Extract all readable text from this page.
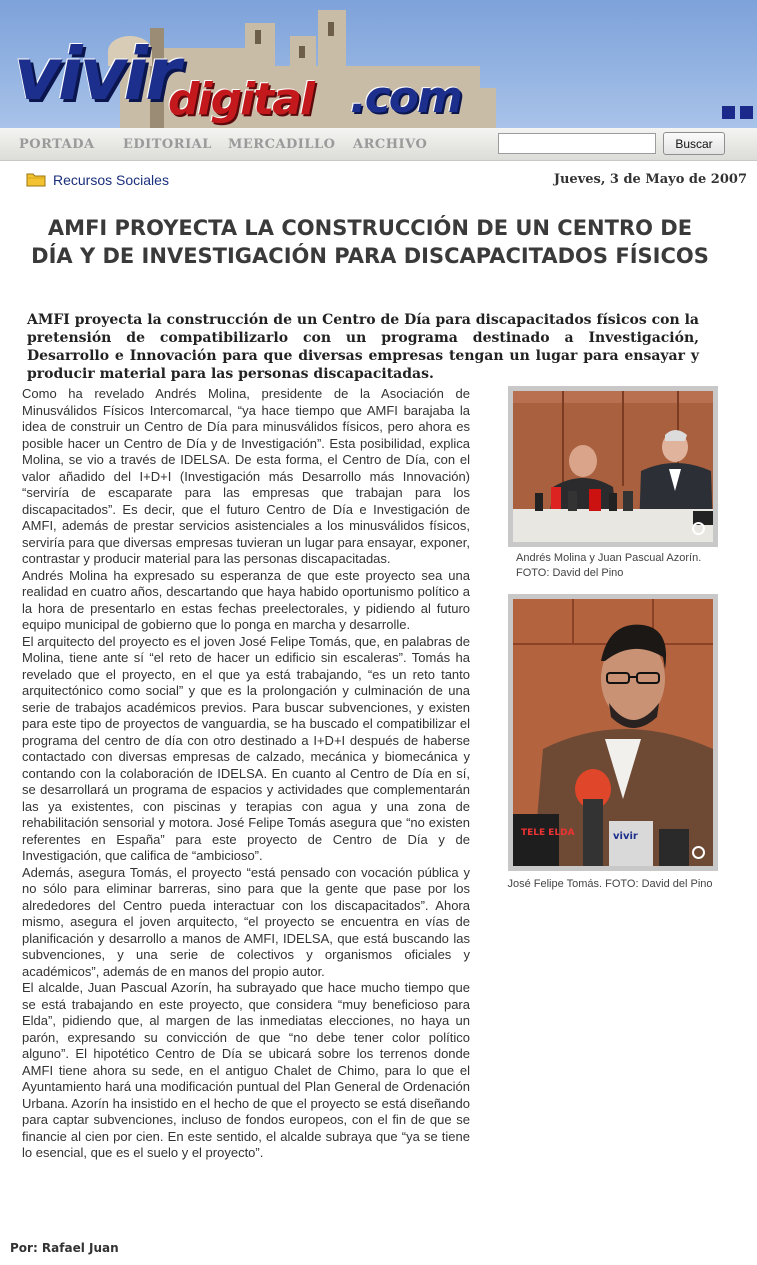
vivir
digital .com
PORTADA EDITORIAL MERCADILLO ARCHIVO	Buscar
Recursos Sociales	Jueves, 3 de Mayo de 2007
AMFI PROYECTA LA CONSTRUCCIÓN DE UN CENTRO DE DÍA Y DE INVESTIGACIÓN PARA DISCAPACITADOS FÍSICOS

AMFI proyecta la construcción de un Centro de Día para discapacitados físicos con la pretensión de compatibilizarlo con un programa destinado a Investigación, Desarrollo e Innovación para que diversas empresas tengan un lugar para ensayar y producir material para las personas discapacitadas.

Como ha revelado Andrés Molina, presidente de la Asociación de Minusválidos Físicos Intercomarcal, “ya hace tiempo que AMFI barajaba la idea de construir un Centro de Día para minusválidos físicos, pero ahora es posible hacer un Centro de Día y de Investigación”. Esta posibilidad, explica Molina, se vio a través de IDELSA. De esta forma, el Centro de Día, con el valor añadido del I+D+I (Investigación más Desarrollo más Innovación) “serviría de escaparate para las empresas que trabajan para los discapacitados”. Es decir, que el futuro Centro de Día e Investigación de AMFI, además de prestar servicios asistenciales a los minusválidos físicos, serviría para que diversas empresas tuvieran un lugar para ensayar, exponer, contrastar y producir material para las personas discapacitadas.

Andrés Molina ha expresado su esperanza de que este proyecto sea una realidad en cuatro años, descartando que haya habido oportunismo político a la hora de presentarlo en estas fechas preelectorales, y pidiendo al futuro equipo municipal de gobierno que lo ponga en marcha y desarrolle.

El arquitecto del proyecto es el joven José Felipe Tomás, que, en palabras de Molina, tiene ante sí “el reto de hacer un edificio sin escaleras”. Tomás ha revelado que el proyecto, en el que ya está trabajando, “es un reto tanto arquitectónico como social” y que es la prolongación y culminación de una serie de trabajos académicos previos. Para buscar subvenciones, y existen para este tipo de proyectos de vanguardia, se ha buscado el compatibilizar el programa del centro de día con otro destinado a I+D+I después de haberse contactado con diversas empresas de calzado, mecánica y biomecánica y contando con la colaboración de IDELSA. En cuanto al Centro de Día en sí, se desarrollará un programa de espacios y actividades que complementarán las ya existentes, con piscinas y terapias con agua y una zona de rehabilitación sensorial y motora. José Felipe Tomás asegura que “no existen referentes en España” para este proyecto de Centro de Día y de Investigación, que califica de “ambicioso”.

Además, asegura Tomás, el proyecto “está pensado con vocación pública y no sólo para eliminar barreras, sino para que la gente que pase por los alrededores del Centro pueda interactuar con los discapacitados”. Ahora mismo, asegura el joven arquitecto, “el proyecto se encuentra en vías de planificación y desarrollo a manos de AMFI, IDELSA, que está buscando las subvenciones, y una serie de colectivos y organismos oficiales y académicos”, además de en manos del propio autor.

El alcalde, Juan Pascual Azorín, ha subrayado que hace mucho tiempo que se está trabajando en este proyecto, que considera “muy beneficioso para Elda”, pidiendo que, al margen de las inmediatas elecciones, no haya un parón, expresando su convicción de que “no debe tener color político alguno”. El hipotético Centro de Día se ubicará sobre los terrenos donde AMFI tiene ahora su sede, en el antiguo Chalet de Chimo, para lo que el Ayuntamiento hará una modificación puntual del Plan General de Ordenación Urbana. Azorín ha insistido en el hecho de que el proyecto se está diseñando para captar subvenciones, incluso de fondos europeos, con el fin de que se financie al cien por cien. En este sentido, el alcalde subraya que “ya se tiene lo esencial, que es el suelo y el proyecto”.

Andrés Molina y Juan Pascual Azorín. FOTO: David del Pino

TELE ELDA	vivir

José Felipe Tomás. FOTO: David del Pino

Por: Rafael Juan
